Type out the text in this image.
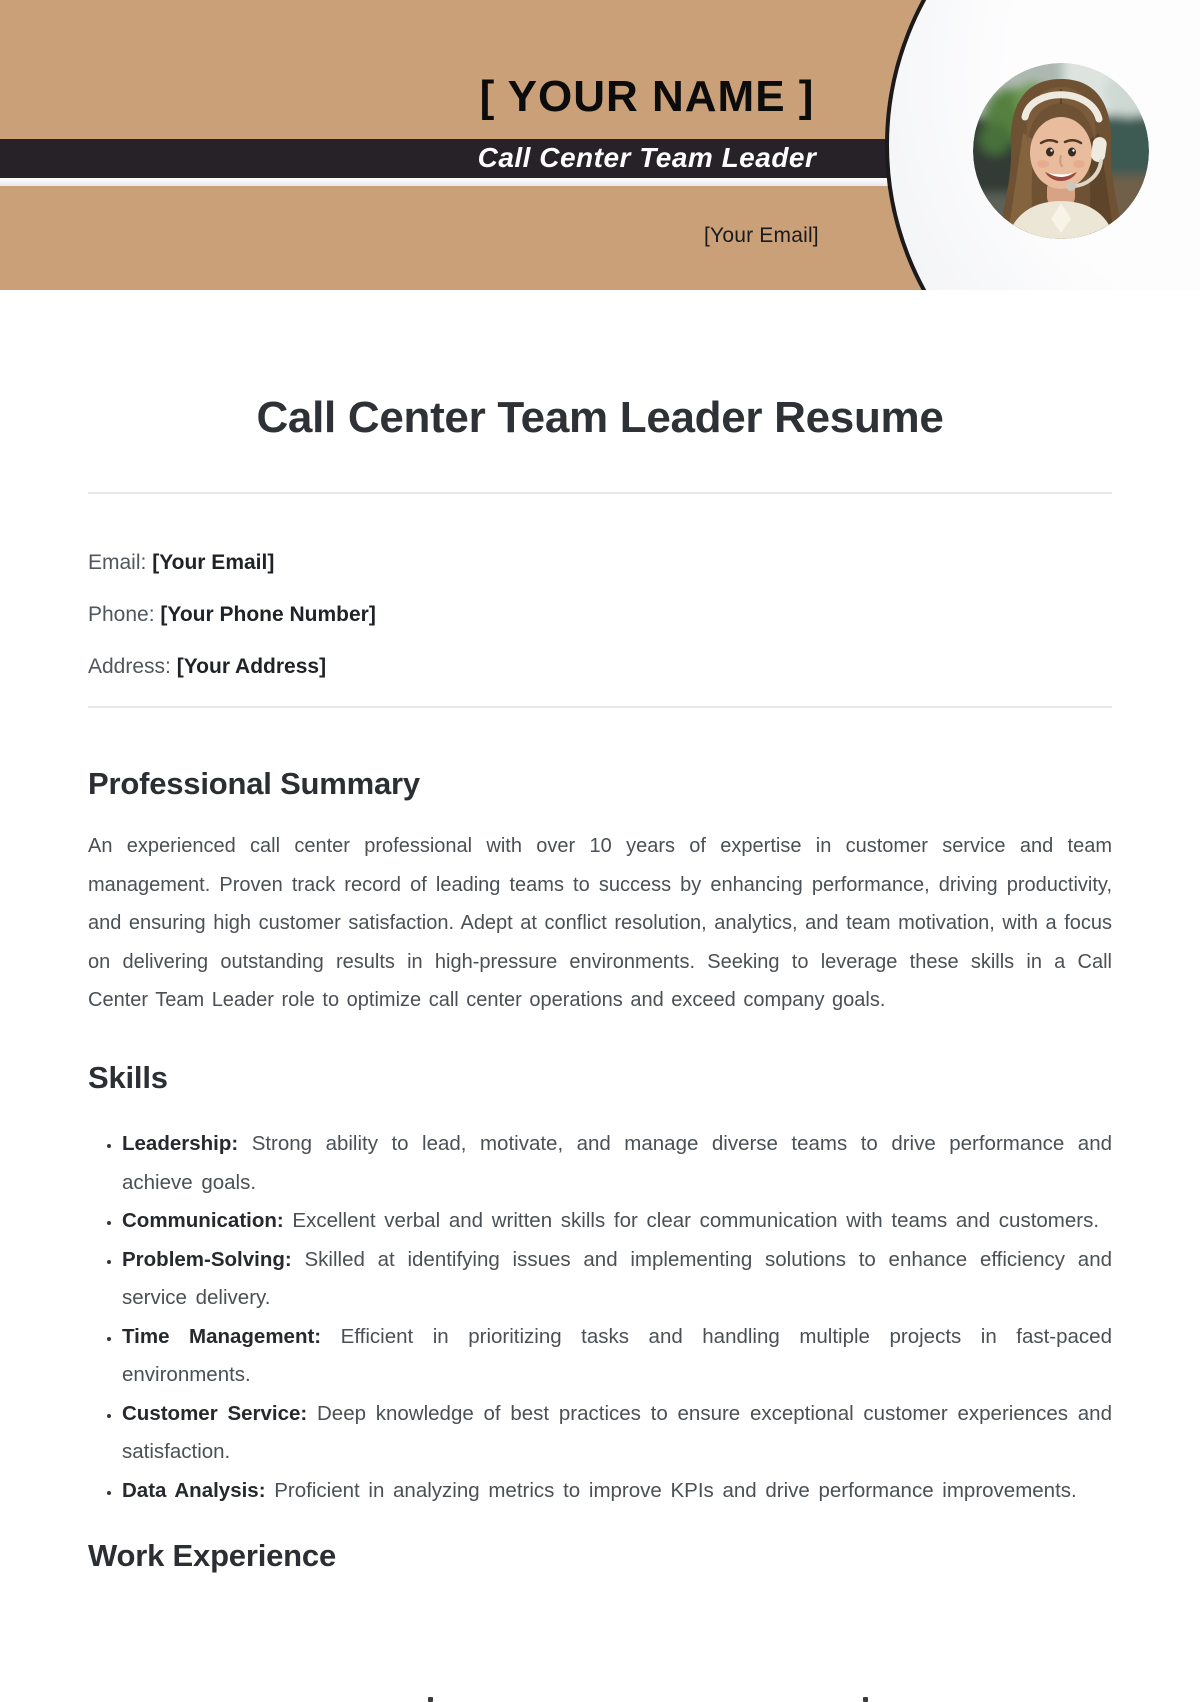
[ YOUR NAME ]
Call Center Team Leader
[Your Email]
Call Center Team Leader Resume

Email: [Your Email]

Phone: [Your Phone Number]

Address: [Your Address]

Professional Summary

An experienced call center professional with over 10 years of expertise in customer service and team management. Proven track record of leading teams to success by enhancing performance, driving productivity, and ensuring high customer satisfaction. Adept at conflict resolution, analytics, and team motivation, with a focus on delivering outstanding results in high-pressure environments. Seeking to leverage these skills in a Call Center Team Leader role to optimize call center operations and exceed company goals.

Skills
• Leadership: Strong ability to lead, motivate, and manage diverse teams to drive performance and achieve goals.
• Communication: Excellent verbal and written skills for clear communication with teams and customers.
• Problem-Solving: Skilled at identifying issues and implementing solutions to enhance efficiency and service delivery.
• Time Management: Efficient in prioritizing tasks and handling multiple projects in fast-paced environments.
• Customer Service: Deep knowledge of best practices to ensure exceptional customer experiences and satisfaction.
• Data Analysis: Proficient in analyzing metrics to improve KPIs and drive performance improvements.
Work Experience
